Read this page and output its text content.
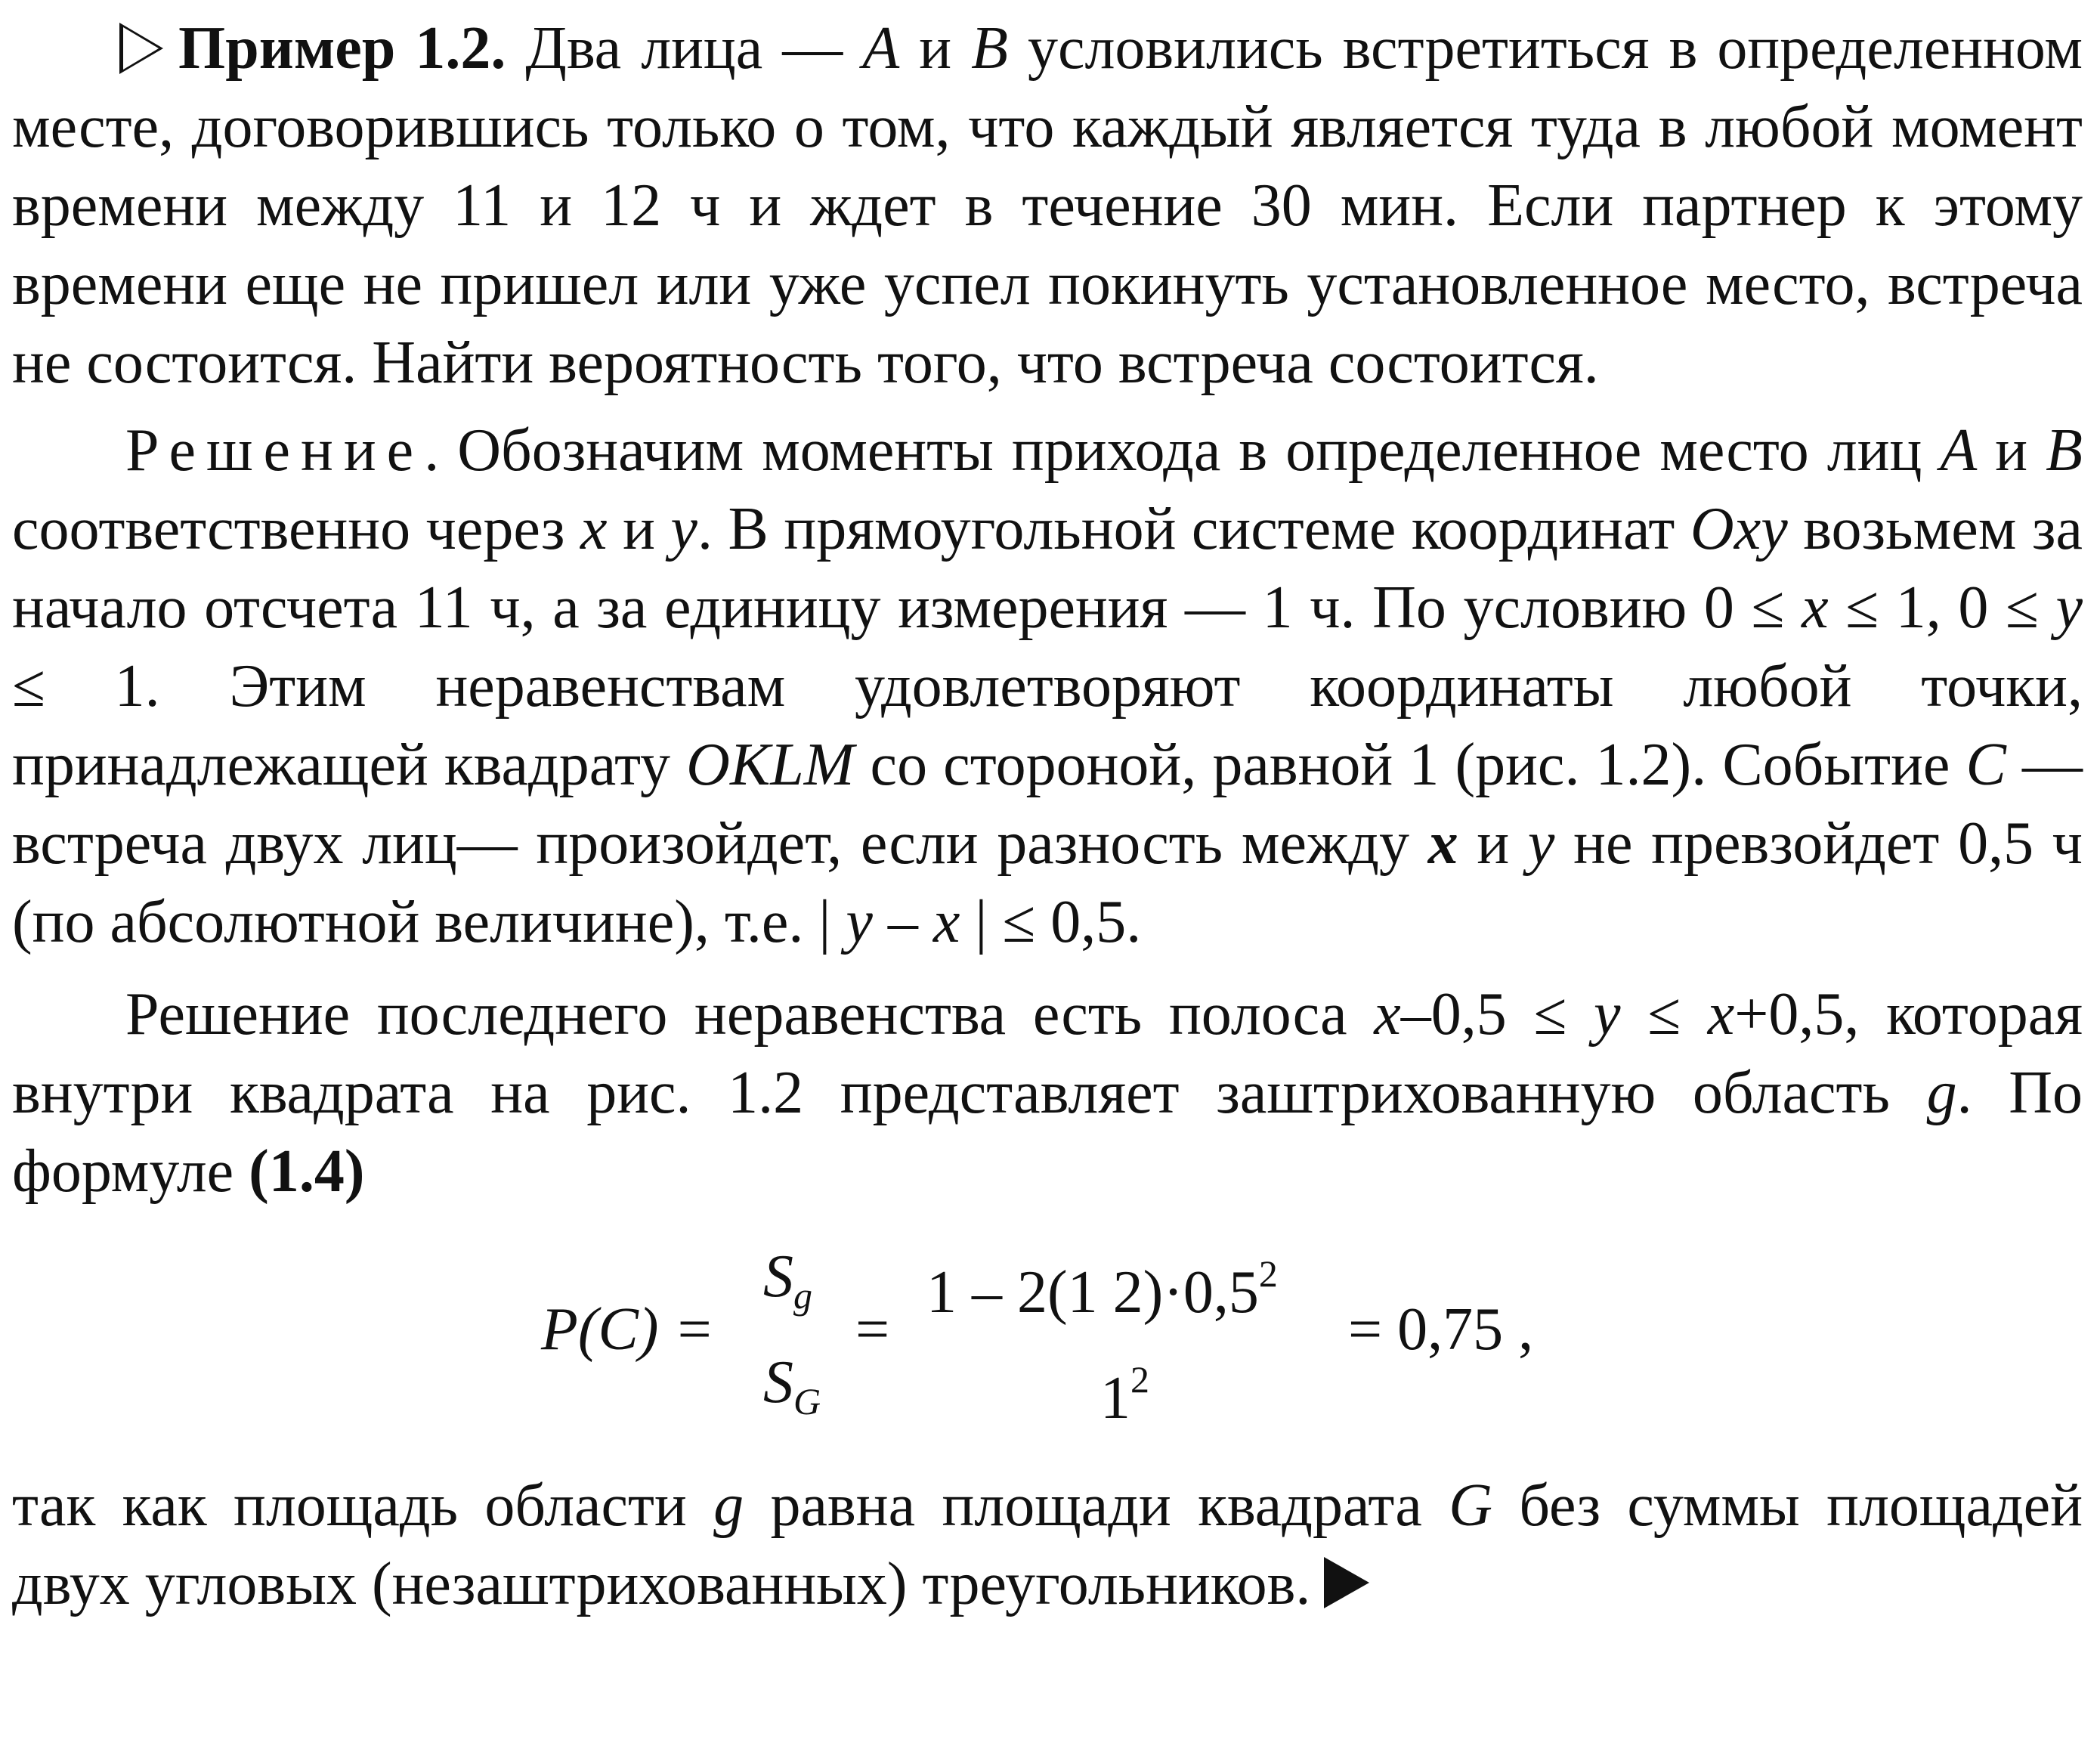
Пример 1.2. Два лица — A и B условились встретиться в определенном месте, договорившись только о том, что каждый является туда в любой момент времени между 11 и 12 ч и ждет в течение 30 мин. Если партнер к этому времени еще не пришел или уже успел покинуть установленное место, встреча не состоится. Найти вероятность того, что встреча состоится.

Решение. Обозначим моменты прихода в определенное место лиц A и B соответственно через x и y. В прямоугольной системе координат Oxy возьмем за начало отсчета 11 ч, а за единицу измерения — 1 ч. По условию 0 ≤ x ≤ 1, 0 ≤ y ≤ 1. Этим неравенствам удовлетворяют координаты любой точки, принадлежащей квадрату OKLM со стороной, равной 1 (рис. 1.2). Событие C — встреча двух лиц— произойдет, если разность между x и y не превзойдет 0,5 ч (по абсолютной величине), т.е. | y – x | ≤ 0,5.

Решение последнего неравенства есть полоса x–0,5 ≤ y ≤ x+0,5, которая внутри квадрата на рис. 1.2 представляет заштрихованную область g. По формуле (1.4)

P(C) =
$S_g$
$S_G$
=
1 – 2(1 $2)\cdot 0,5^2$
$1^2$
= 0,75 ,

так как площадь области g равна площади квадрата G без суммы площадей двух угловых (незаштрихованных) треугольников.
